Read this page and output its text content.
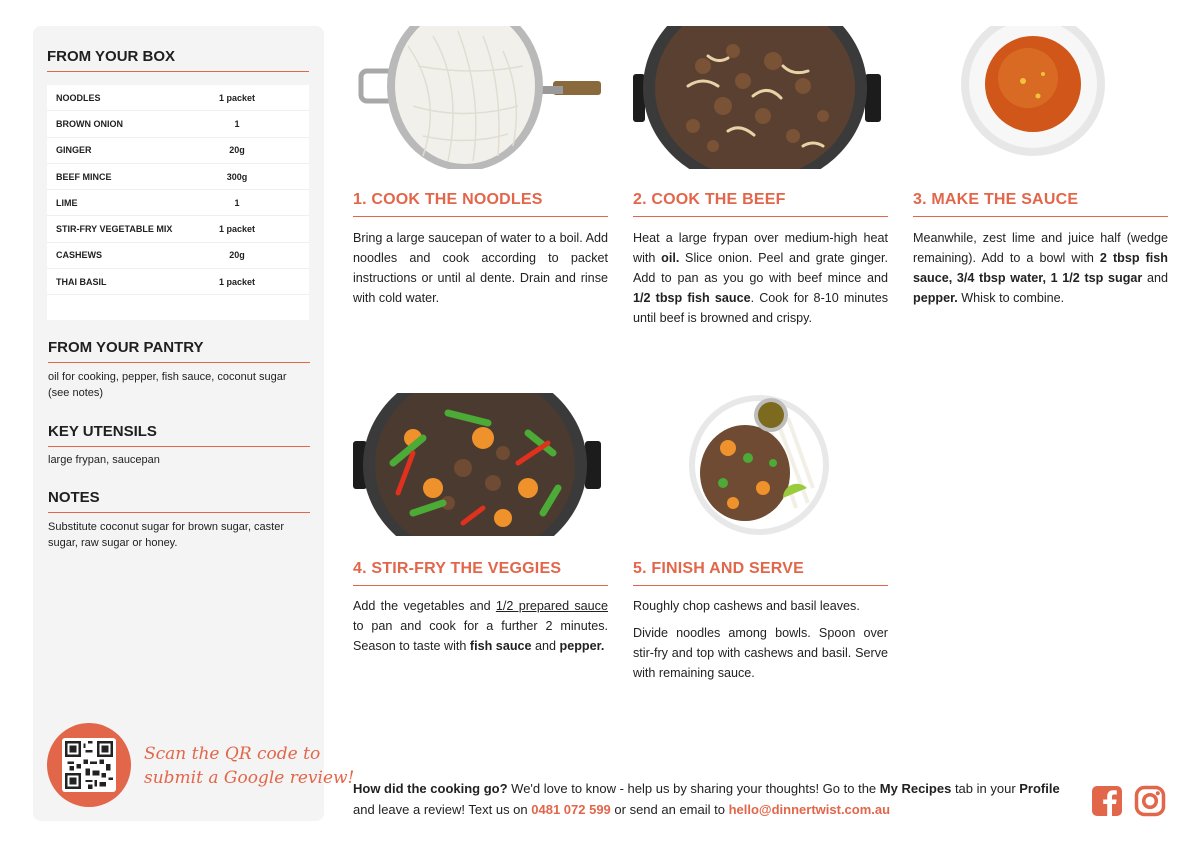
FROM YOUR BOX
NOODLES	1 packet
BROWN ONION	1
GINGER	20g
BEEF MINCE	300g
LIME	1
STIR-FRY VEGETABLE MIX	1 packet
CASHEWS	20g
THAI BASIL	1 packet
FROM YOUR PANTRY
oil for cooking, pepper, fish sauce, coconut sugar (see notes)
KEY UTENSILS
large frypan, saucepan
NOTES
Substitute coconut sugar for brown sugar, caster sugar, raw sugar or honey.
Scan the QR code to
submit a Google review!
1. COOK THE NOODLES

Bring a large saucepan of water to a boil. Add noodles and cook according to packet instructions or until al dente. Drain and rinse with cold water.

2. COOK THE BEEF

Heat a large frypan over medium-high heat with oil. Slice onion. Peel and grate ginger. Add to pan as you go with beef mince and 1/2 tbsp fish sauce. Cook for 8-10 minutes until beef is browned and crispy.

3. MAKE THE SAUCE

Meanwhile, zest lime and juice half (wedge remaining). Add to a bowl with 2 tbsp fish sauce, 3/4 tbsp water, 1 1/2 tsp sugar and pepper. Whisk to combine.

4. STIR-FRY THE VEGGIES

Add the vegetables and 1/2 prepared sauce to pan and cook for a further 2 minutes. Season to taste with fish sauce and pepper.

5. FINISH AND SERVE

Roughly chop cashews and basil leaves.

Divide noodles among bowls. Spoon over stir-fry and top with cashews and basil. Serve with remaining sauce.

How did the cooking go? We'd love to know - help us by sharing your thoughts! Go to the My Recipes tab in your Profile and leave a review! Text us on 0481 072 599 or send an email to hello@dinnertwist.com.au
